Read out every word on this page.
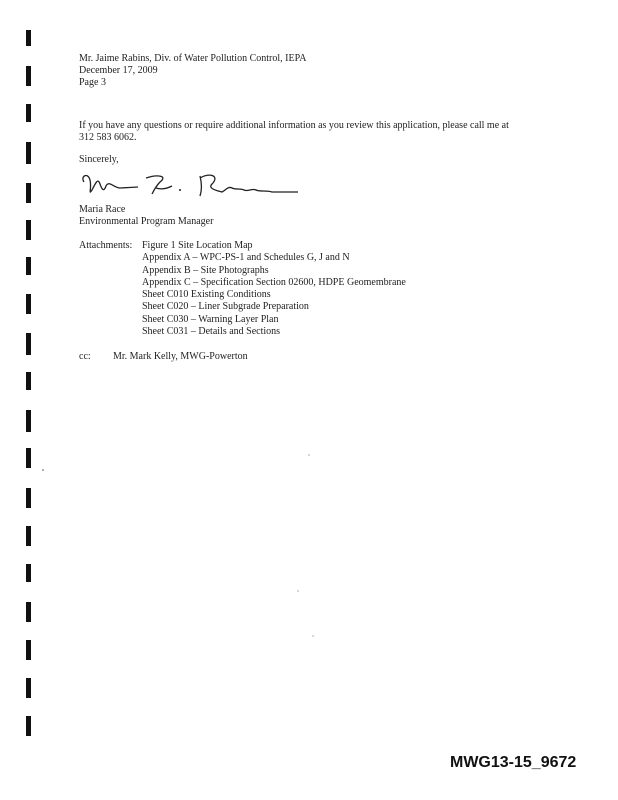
Mr. Jaime Rabins, Div. of Water Pollution Control, IEPA
December 17, 2009
Page 3
If you have any questions or require additional information as you review this application, please call me at
312 583 6062.
Sincerely,
Maria Race
Environmental Program Manager
Attachments: Figure 1 Site Location Map
Appendix A – WPC-PS-1 and Schedules G, J and N
Appendix B – Site Photographs
Appendix C – Specification Section 02600, HDPE Geomembrane
Sheet C010 Existing Conditions
Sheet C020 – Liner Subgrade Preparation
Sheet C030 – Warning Layer Plan
Sheet C031 – Details and Sections
cc: Mr. Mark Kelly, MWG-Powerton
MWG13-15_9672
